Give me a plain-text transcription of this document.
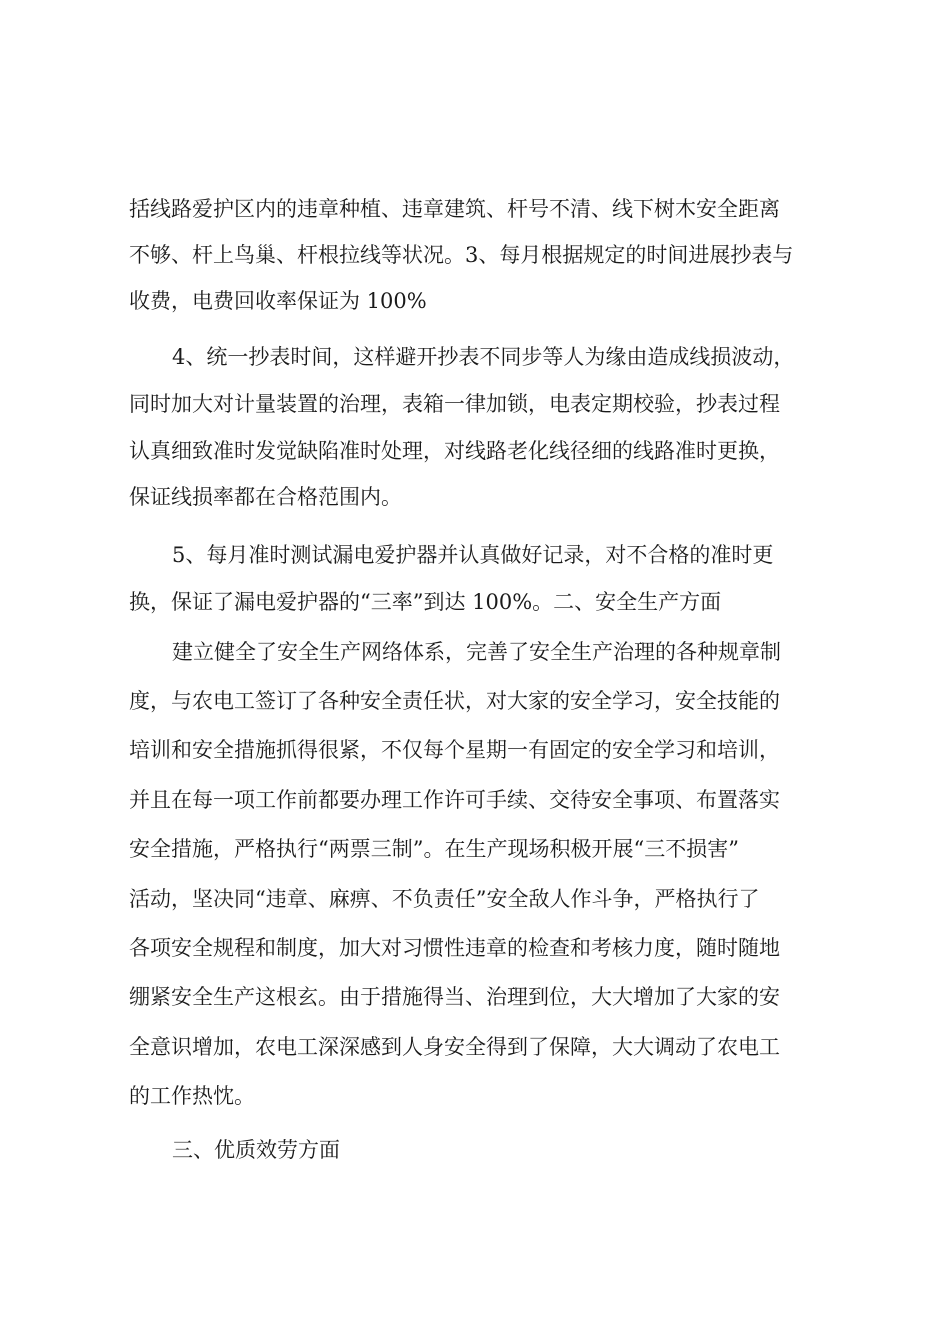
括线路爱护区内的违章种植、违章建筑、杆号不清、线下树木安全距离
不够、杆上鸟巢、杆根拉线等状况。3、每月根据规定的时间进展抄表与
收费，电费回收率保证为 100%
4、统一抄表时间，这样避开抄表不同步等人为缘由造成线损波动，
同时加大对计量装置的治理，表箱一律加锁，电表定期校验，抄表过程
认真细致准时发觉缺陷准时处理，对线路老化线径细的线路准时更换，
保证线损率都在合格范围内。
5、每月准时测试漏电爱护器并认真做好记录，对不合格的准时更
换，保证了漏电爱护器的“三率”到达 100%。二、安全生产方面
建立健全了安全生产网络体系，完善了安全生产治理的各种规章制
度，与农电工签订了各种安全责任状，对大家的安全学习，安全技能的
培训和安全措施抓得很紧，不仅每个星期一有固定的安全学习和培训，
并且在每一项工作前都要办理工作许可手续、交待安全事项、布置落实
安全措施，严格执行“两票三制”。在生产现场积极开展“三不损害”
活动，坚决同“违章、麻痹、不负责任”安全敌人作斗争，严格执行了
各项安全规程和制度，加大对习惯性违章的检查和考核力度，随时随地
绷紧安全生产这根玄。由于措施得当、治理到位，大大增加了大家的安
全意识增加，农电工深深感到人身安全得到了保障，大大调动了农电工
的工作热忱。
三、优质效劳方面
